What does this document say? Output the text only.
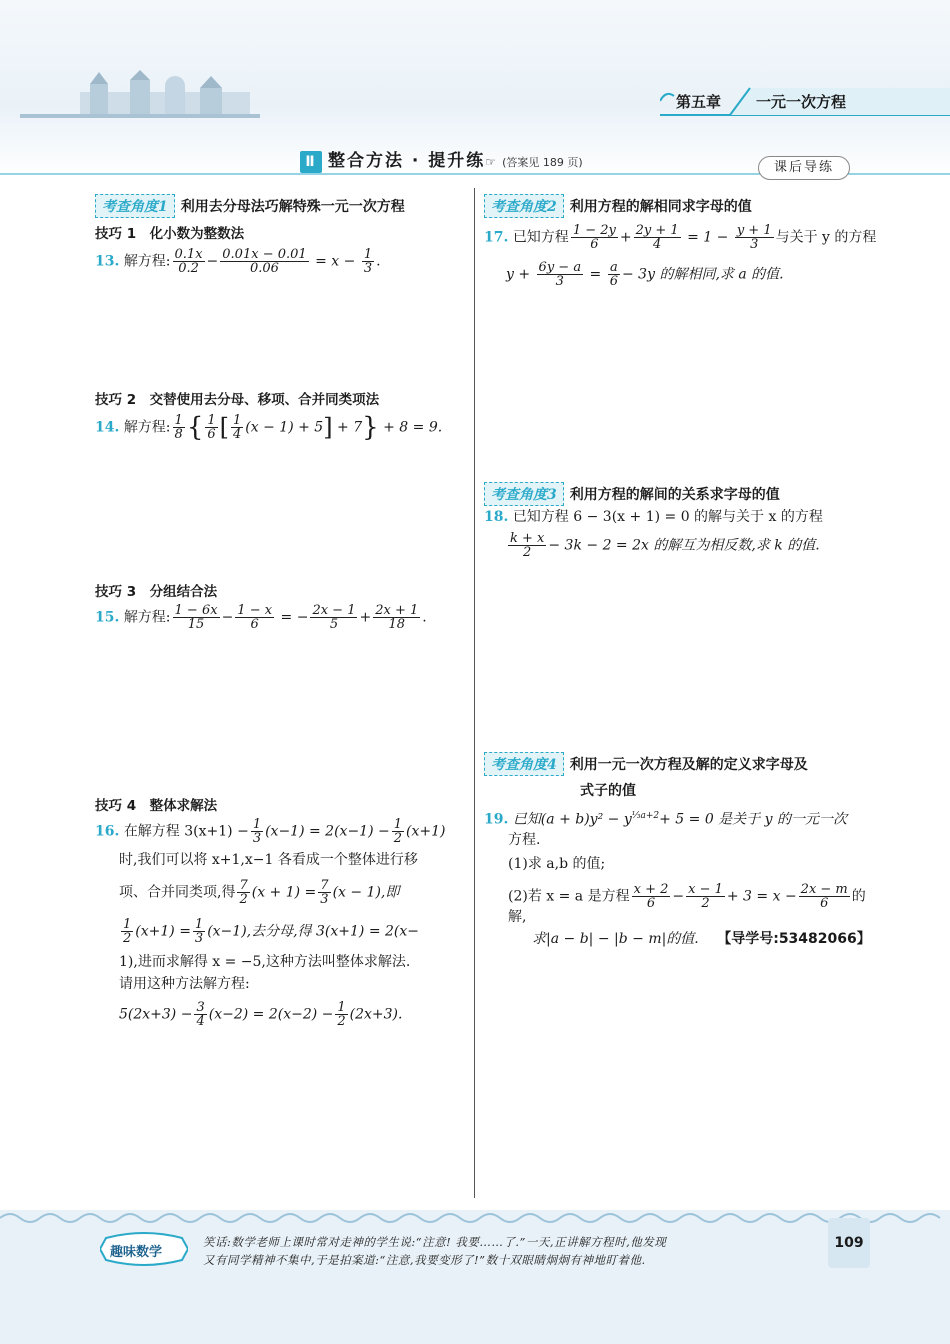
第五章 一元一次方程
Ⅱ 整合方法 · 提升练☞ (答案见 189 页)	课后导练
考查角度1 利用去分母法巧解特殊一元一次方程
技巧 1　化小数为整数法
13. 解方程: $\frac{0.1x}{0.2} - \frac{0.01x - 0.01}{0.06} = x - \frac{1}{3}$ .
技巧 2　交替使用去分母、移项、合并同类项法
14. 解方程: $\frac{1}{8}$ { $\frac{1}{6}$ [ $\frac{1}{4} (x - 1) + 5] + 7\} + 8 = 9$.
技巧 3　分组结合法
15. 解方程: $\frac{1 - 6x}{15} - \frac{1 - x}{6}$ = − $\frac{2x - 1}{5} + \frac{2x + 1}{18}$ .
技巧 4　整体求解法
16. 在解方程 $3(x+1) - \frac{1}{3} (x-1) = 2(x-1) - \frac{1}{2} (x+1)$
时,我们可以将 x+1,x−1 各看成一个整体进行移
项、合并同类项,得 $\frac{7}{2} (x + 1) = \frac{7}{3} (x - 1)$,即
$\frac{1}{2} (x+1) = \frac{1}{3} (x-1)$,去分母,得 3(x+1) = 2(x−
1),进而求解得 x = −5,这种方法叫整体求解法.
请用这种方法解方程:
$5(2x+3) - \frac{3}{4} (x-2) = 2(x-2) - \frac{1}{2} (2x+3)$.
考查角度2 利用方程的解相同求字母的值
17. 已知方程 $\frac{1 - 2y}{6} + \frac{2y + 1}{4} = 1 - \frac{y + 1}{3}$ 与关于 y 的方程
$y + \frac{6y - a}{3} = \frac{a}{6} - 3y$ 的解相同,求 a 的值.
考查角度3 利用方程的解间的关系求字母的值
18. 已知方程 6 − 3(x + 1) = 0 的解与关于 x 的方程
$\frac{k + x}{2} - 3k - 2 = 2x$ 的解互为相反数,求 k 的值.
考查角度4 利用一元一次方程及解的定义求字母及
式子的值
19. 已知$(a + b)y^2 - y^{\frac{1}{3}a+2}+ 5 = 0$ 是关于 y 的一元一次
方程.
(1)求 a,b 的值;
(2)若 x = a 是方程 $\frac{x + 2}{6} - \frac{x - 1}{2} + 3 = x - \frac{2x - m}{6}$ 的解,
求|a − b| − |b − m|的值. 【导学号:53482066】
趣味数学
笑话:数学老师上课时常对走神的学生说:“注意! 我要……了.”一天,正讲解方程时,他发现
又有同学精神不集中,于是拍案道:“注意,我要变形了!”数十双眼睛炯炯有神地盯着他.
109
